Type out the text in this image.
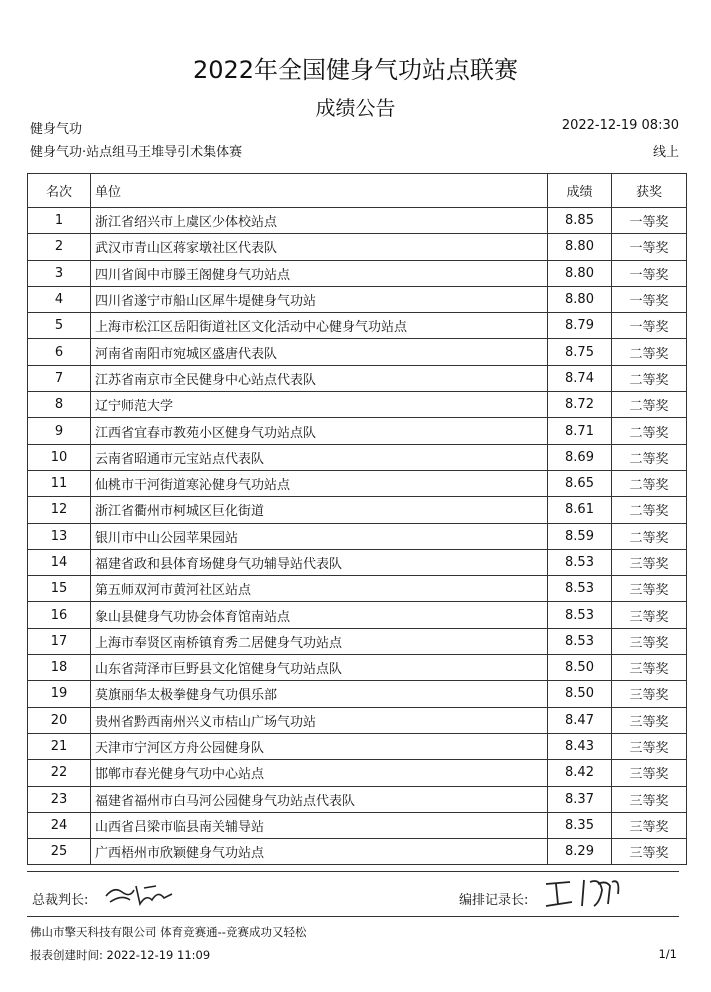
2022年全国健身气功站点联赛
成绩公告
健身气功	2022-12-19 08:30
健身气功·站点组马王堆导引术集体赛	线上
名次	单位	成绩	获奖
1	浙江省绍兴市上虞区少体校站点	8.85	一等奖
2	武汉市青山区蒋家墩社区代表队	8.80	一等奖
3	四川省阆中市滕王阁健身气功站点	8.80	一等奖
4	四川省遂宁市船山区犀牛堤健身气功站	8.80	一等奖
5	上海市松江区岳阳街道社区文化活动中心健身气功站点	8.79	一等奖
6	河南省南阳市宛城区盛唐代表队	8.75	二等奖
7	江苏省南京市全民健身中心站点代表队	8.74	二等奖
8	辽宁师范大学	8.72	二等奖
9	江西省宜春市教苑小区健身气功站点队	8.71	二等奖
10	云南省昭通市元宝站点代表队	8.69	二等奖
11	仙桃市干河街道寒沁健身气功站点	8.65	二等奖
12	浙江省衢州市柯城区巨化街道	8.61	二等奖
13	银川市中山公园苹果园站	8.59	二等奖
14	福建省政和县体育场健身气功辅导站代表队	8.53	三等奖
15	第五师双河市黄河社区站点	8.53	三等奖
16	象山县健身气功协会体育馆南站点	8.53	三等奖
17	上海市奉贤区南桥镇育秀二居健身气功站点	8.53	三等奖
18	山东省菏泽市巨野县文化馆健身气功站点队	8.50	三等奖
19	莫旗丽华太极拳健身气功俱乐部	8.50	三等奖
20	贵州省黔西南州兴义市桔山广场气功站	8.47	三等奖
21	天津市宁河区方舟公园健身队	8.43	三等奖
22	邯郸市春光健身气功中心站点	8.42	三等奖
23	福建省福州市白马河公园健身气功站点代表队	8.37	三等奖
24	山西省吕梁市临县南关辅导站	8.35	三等奖
25	广西梧州市欣颖健身气功站点	8.29	三等奖
总裁判长:	编排记录长:
佛山市擎天科技有限公司 体育竞赛通--竞赛成功又轻松
报表创建时间: 2022-12-19 11:09	1/1
